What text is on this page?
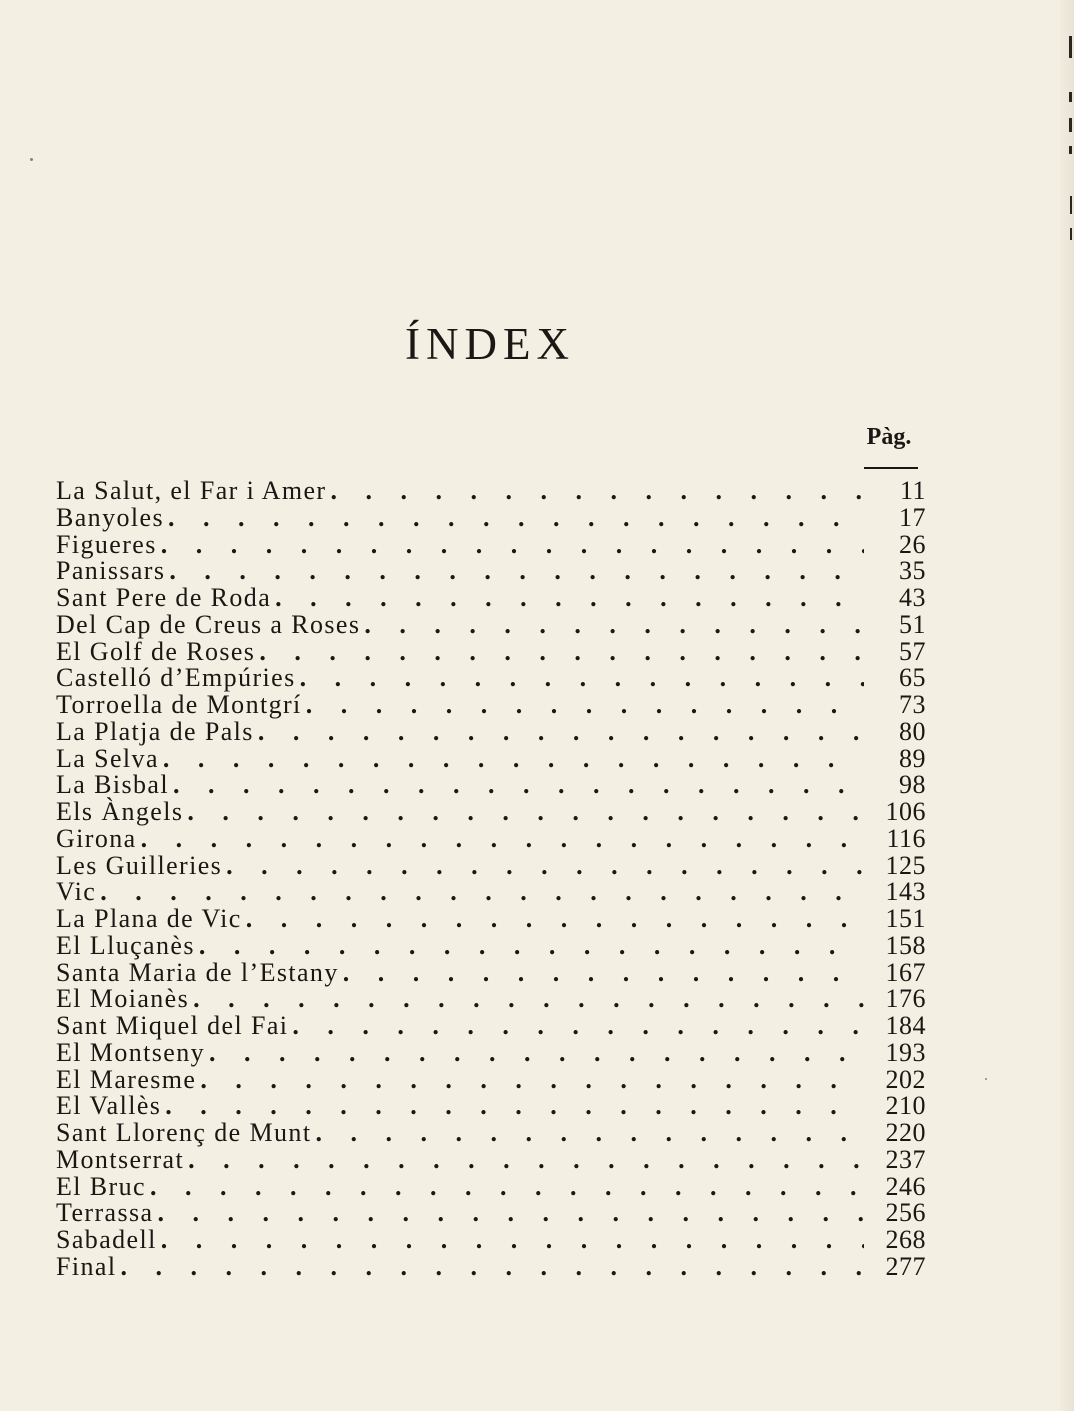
ÍNDEX
Pàg.
La Salut, el Far i Amer . . .	11
Banyoles . . .	17
Figueres . . .	26
Panissars . . .	35
Sant Pere de Roda . . .	43
Del Cap de Creus a Roses . . .	51
El Golf de Roses . . .	57
Castelló d’Empúries . . .	65
Torroella de Montgrí . . .	73
La Platja de Pals . . .	80
La Selva . . .	89
La Bisbal . . .	98
Els Àngels . . .	106
Girona . . .	116
Les Guilleries . . .	125
Vic . . .	143
La Plana de Vic . . .	151
El Lluçanès . . .	158
Santa Maria de l’Estany . . .	167
El Moianès . . .	176
Sant Miquel del Fai . . .	184
El Montseny . . .	193
El Maresme . . .	202
El Vallès . . .	210
Sant Llorenç de Munt . . .	220
Montserrat . . .	237
El Bruc . . .	246
Terrassa . . .	256
Sabadell . . .	268
Final . . .	277
